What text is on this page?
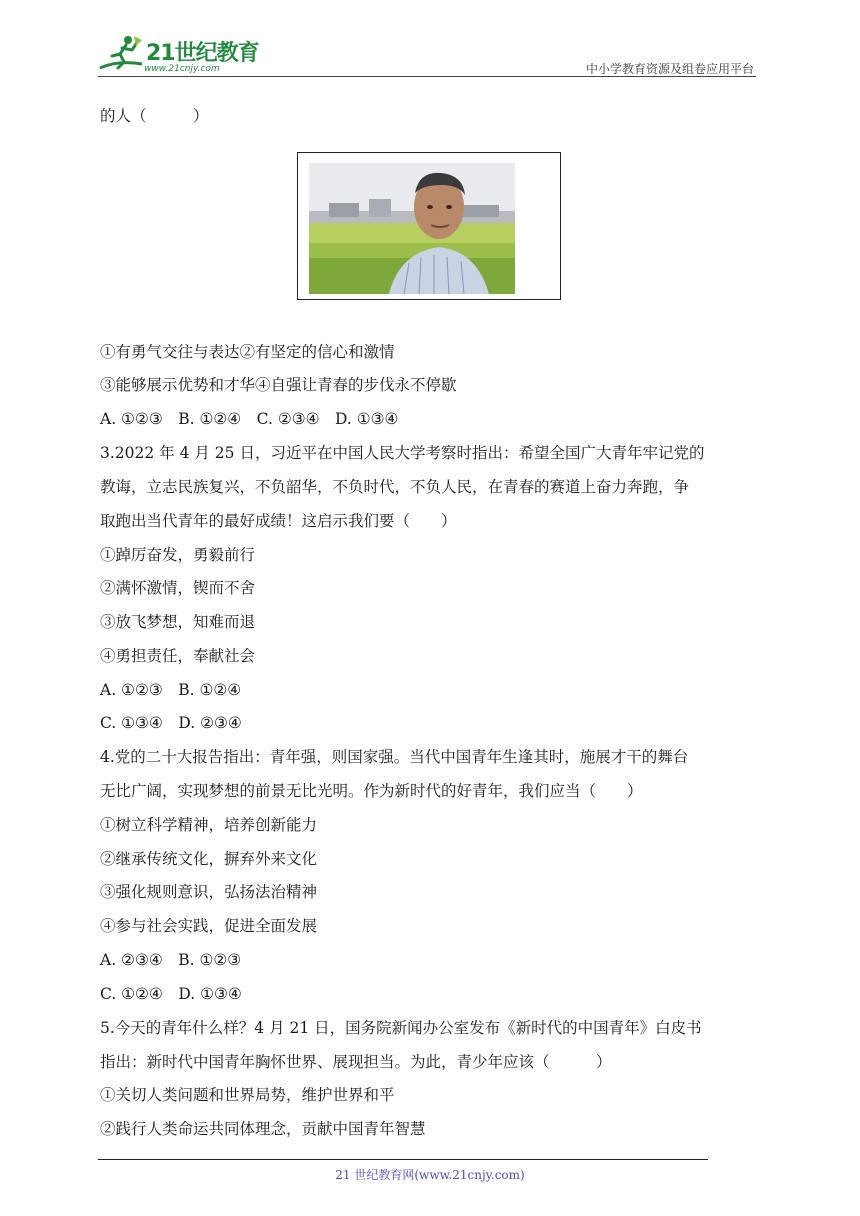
21世纪教育
www.21cnjy.com	中小学教育资源及组卷应用平台
的人（　　　）
①有勇气交往与表达②有坚定的信心和激情
③能够展示优势和才华④自强让青春的步伐永不停歇
A. ①②③　B. ①②④　C. ②③④　D. ①③④
3.2022 年 4 月 25 日，习近平在中国人民大学考察时指出：希望全国广大青年牢记党的
教诲，立志民族复兴，不负韶华，不负时代，不负人民，在青春的赛道上奋力奔跑，争
取跑出当代青年的最好成绩！这启示我们要（　　）
①踔厉奋发，勇毅前行
②满怀激情，锲而不舍
③放飞梦想，知难而退
④勇担责任，奉献社会
A. ①②③　B. ①②④
C. ①③④　D. ②③④
4.党的二十大报告指出：青年强，则国家强。当代中国青年生逢其时，施展才干的舞台
无比广阔，实现梦想的前景无比光明。作为新时代的好青年，我们应当（　　）
①树立科学精神，培养创新能力
②继承传统文化，摒弃外来文化
③强化规则意识，弘扬法治精神
④参与社会实践，促进全面发展
A. ②③④　B. ①②③
C. ①②④　D. ①③④
5.今天的青年什么样？4 月 21 日，国务院新闻办公室发布《新时代的中国青年》白皮书
指出：新时代中国青年胸怀世界、展现担当。为此，青少年应该（　　　）
①关切人类问题和世界局势，维护世界和平
②践行人类命运共同体理念，贡献中国青年智慧
21 世纪教育网(www.21cnjy.com)
